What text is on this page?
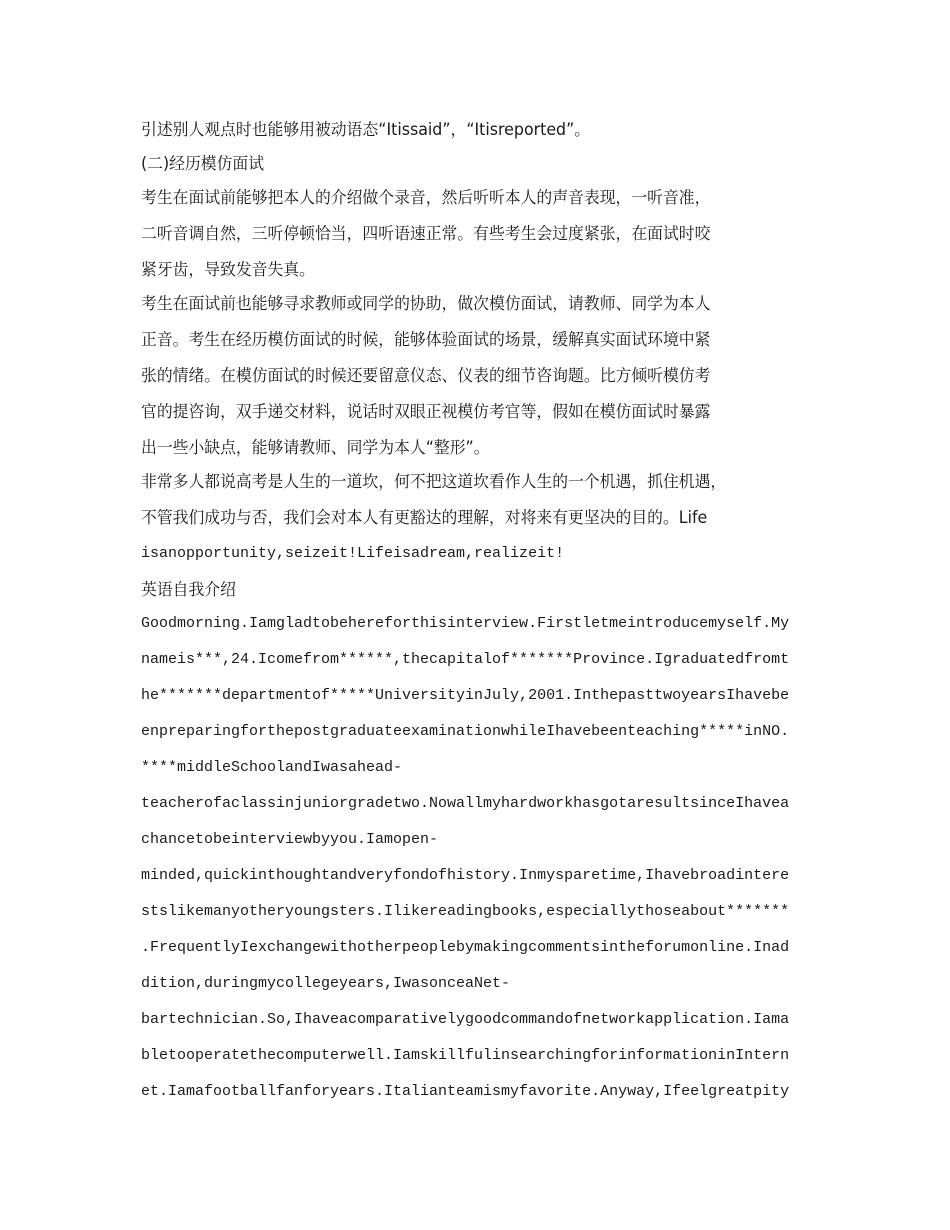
引述别人观点时也能够用被动语态“Itissaid”，“Itisreported”。
(二)经历模仿面试
考生在面试前能够把本人的介绍做个录音，然后听听本人的声音表现，一听音准，
二听音调自然，三听停顿恰当，四听语速正常。有些考生会过度紧张，在面试时咬
紧牙齿，导致发音失真。
考生在面试前也能够寻求教师或同学的协助，做次模仿面试，请教师、同学为本人
正音。考生在经历模仿面试的时候，能够体验面试的场景，缓解真实面试环境中紧
张的情绪。在模仿面试的时候还要留意仪态、仪表的细节咨询题。比方倾听模仿考
官的提咨询，双手递交材料，说话时双眼正视模仿考官等，假如在模仿面试时暴露
出一些小缺点，能够请教师、同学为本人“整形”。
非常多人都说高考是人生的一道坎，何不把这道坎看作人生的一个机遇，抓住机遇，
不管我们成功与否，我们会对本人有更豁达的理解，对将来有更坚决的目的。Life
isanopportunity,seizeit!Lifeisadream,realizeit!
英语自我介绍
Goodmorning.Iamgladtobehereforthisinterview.Firstletmeintroducemyself.My
nameis***,24.Icomefrom******,thecapitalof*******Province.Igraduatedfromt
he*******departmentof*****UniversityinJuly,2001.InthepasttwoyearsIhavebe
enpreparingforthepostgraduateexaminationwhileIhavebeenteaching*****inNO.
****middleSchoolandIwasahead-
teacherofaclassinjuniorgradetwo.NowallmyhardworkhasgotaresultsinceIhavea
chancetobeinterviewbyyou.Iamopen-
minded,quickinthoughtandveryfondofhistory.Inmysparetime,Ihavebroadintere
stslikemanyotheryoungsters.Ilikereadingbooks,especiallythoseabout*******
.FrequentlyIexchangewithotherpeoplebymakingcommentsintheforumonline.Inad
dition,duringmycollegeyears,IwasonceaNet-
bartechnician.So,Ihaveacomparativelygoodcommandofnetworkapplication.Iama
bletooperatethecomputerwell.IamskillfulinsearchingforinformationinIntern
et.Iamafootballfanforyears.Italianteamismyfavorite.Anyway,Ifeelgreatpity
